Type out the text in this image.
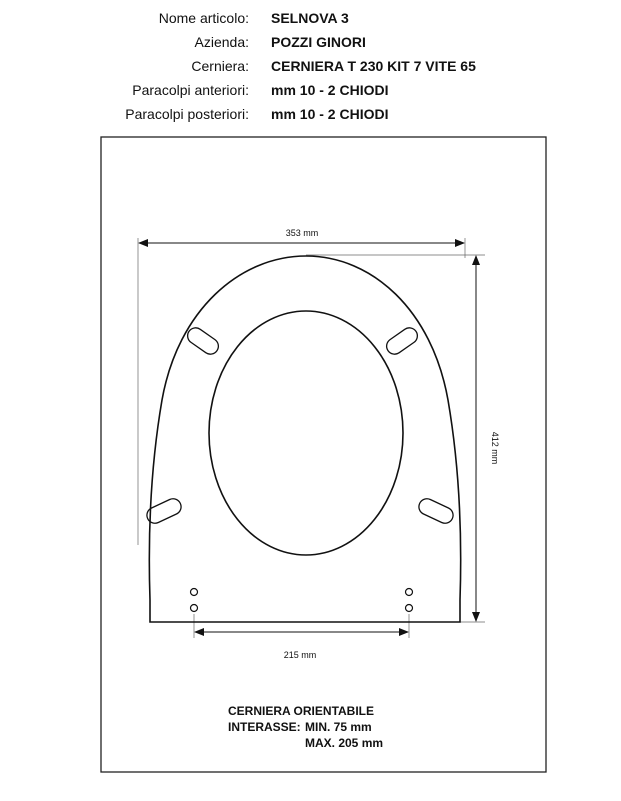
Nome articolo: SELNOVA 3
Azienda: POZZI GINORI
Cerniera: CERNIERA T 230 KIT 7 VITE 65
Paracolpi anteriori: mm 10 - 2 CHIODI
Paracolpi posteriori: mm 10 - 2 CHIODI
353 mm
412 mm
215 mm
CERNIERA ORIENTABILE
INTERASSE: MIN. 75 mm
MAX. 205 mm
